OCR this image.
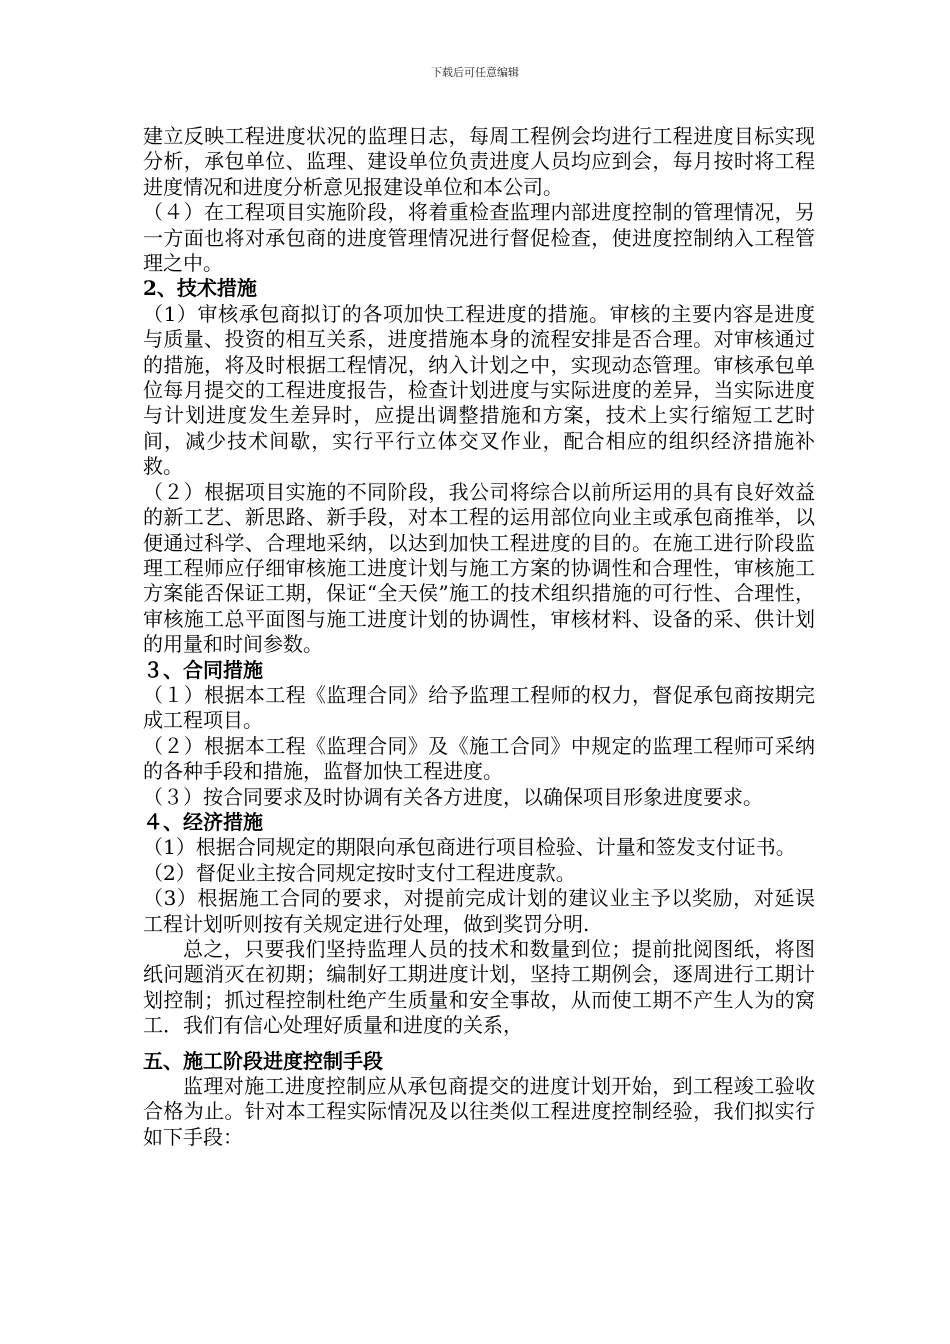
下载后可任意编辑

建立反映工程进度状况的监理日志，每周工程例会均进行工程进度目标实现分析，承包单位、监理、建设单位负责进度人员均应到会，每月按时将工程进度情况和进度分析意见报建设单位和本公司。

（４）在工程项目实施阶段，将着重检查监理内部进度控制的管理情况，另一方面也将对承包商的进度管理情况进行督促检查，使进度控制纳入工程管理之中。

2、技术措施

（1）审核承包商拟订的各项加快工程进度的措施。审核的主要内容是进度与质量、投资的相互关系，进度措施本身的流程安排是否合理。对审核通过的措施，将及时根据工程情况，纳入计划之中，实现动态管理。审核承包单位每月提交的工程进度报告，检查计划进度与实际进度的差异，当实际进度与计划进度发生差异时，应提出调整措施和方案，技术上实行缩短工艺时间，减少技术间歇，实行平行立体交叉作业，配合相应的组织经济措施补救。

（２）根据项目实施的不同阶段，我公司将综合以前所运用的具有良好效益的新工艺、新思路、新手段，对本工程的运用部位向业主或承包商推举，以便通过科学、合理地采纳，以达到加快工程进度的目的。在施工进行阶段监理工程师应仔细审核施工进度计划与施工方案的协调性和合理性，审核施工方案能否保证工期，保证“全天侯”施工的技术组织措施的可行性、合理性，审核施工总平面图与施工进度计划的协调性，审核材料、设备的采、供计划的用量和时间参数。

３、合同措施

（１）根据本工程《监理合同》给予监理工程师的权力，督促承包商按期完成工程项目。

（２）根据本工程《监理合同》及《施工合同》中规定的监理工程师可采纳的各种手段和措施，监督加快工程进度。

（３）按合同要求及时协调有关各方进度，以确保项目形象进度要求。

４、经济措施

（1）根据合同规定的期限向承包商进行项目检验、计量和签发支付证书。

（2）督促业主按合同规定按时支付工程进度款。

（3）根据施工合同的要求，对提前完成计划的建议业主予以奖励，对延误工程计划听则按有关规定进行处理，做到奖罚分明.

总之，只要我们坚持监理人员的技术和数量到位；提前批阅图纸，将图纸问题消灭在初期；编制好工期进度计划，坚持工期例会，逐周进行工期计划控制；抓过程控制杜绝产生质量和安全事故，从而使工期不产生人为的窝工．我们有信心处理好质量和进度的关系，

五、施工阶段进度控制手段

监理对施工进度控制应从承包商提交的进度计划开始，到工程竣工验收合格为止。针对本工程实际情况及以往类似工程进度控制经验，我们拟实行如下手段：
